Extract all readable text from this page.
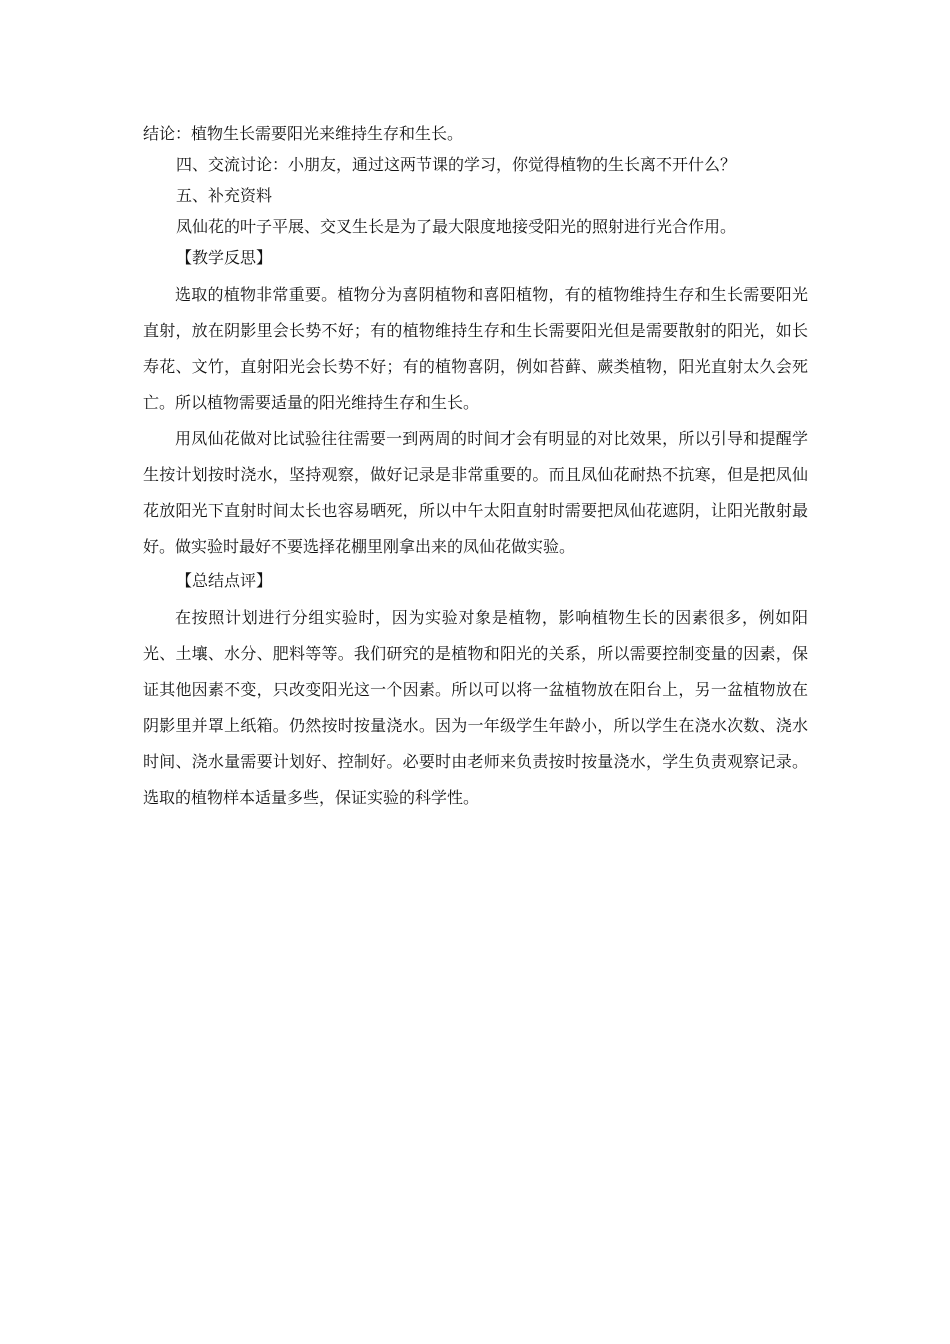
结论：植物生长需要阳光来维持生存和生长。

四、交流讨论：小朋友，通过这两节课的学习，你觉得植物的生长离不开什么？

五、补充资料

凤仙花的叶子平展、交叉生长是为了最大限度地接受阳光的照射进行光合作用。

【教学反思】

选取的植物非常重要。植物分为喜阴植物和喜阳植物，有的植物维持生存和生长需要阳光直射，放在阴影里会长势不好；有的植物维持生存和生长需要阳光但是需要散射的阳光，如长寿花、文竹，直射阳光会长势不好；有的植物喜阴，例如苔藓、蕨类植物，阳光直射太久会死亡。所以植物需要适量的阳光维持生存和生长。

用凤仙花做对比试验往往需要一到两周的时间才会有明显的对比效果，所以引导和提醒学生按计划按时浇水，坚持观察，做好记录是非常重要的。而且凤仙花耐热不抗寒，但是把凤仙花放阳光下直射时间太长也容易晒死，所以中午太阳直射时需要把凤仙花遮阴，让阳光散射最好。做实验时最好不要选择花棚里刚拿出来的凤仙花做实验。

【总结点评】

在按照计划进行分组实验时，因为实验对象是植物，影响植物生长的因素很多，例如阳光、土壤、水分、肥料等等。我们研究的是植物和阳光的关系，所以需要控制变量的因素，保证其他因素不变，只改变阳光这一个因素。所以可以将一盆植物放在阳台上，另一盆植物放在阴影里并罩上纸箱。仍然按时按量浇水。因为一年级学生年龄小，所以学生在浇水次数、浇水时间、浇水量需要计划好、控制好。必要时由老师来负责按时按量浇水，学生负责观察记录。选取的植物样本适量多些，保证实验的科学性。
